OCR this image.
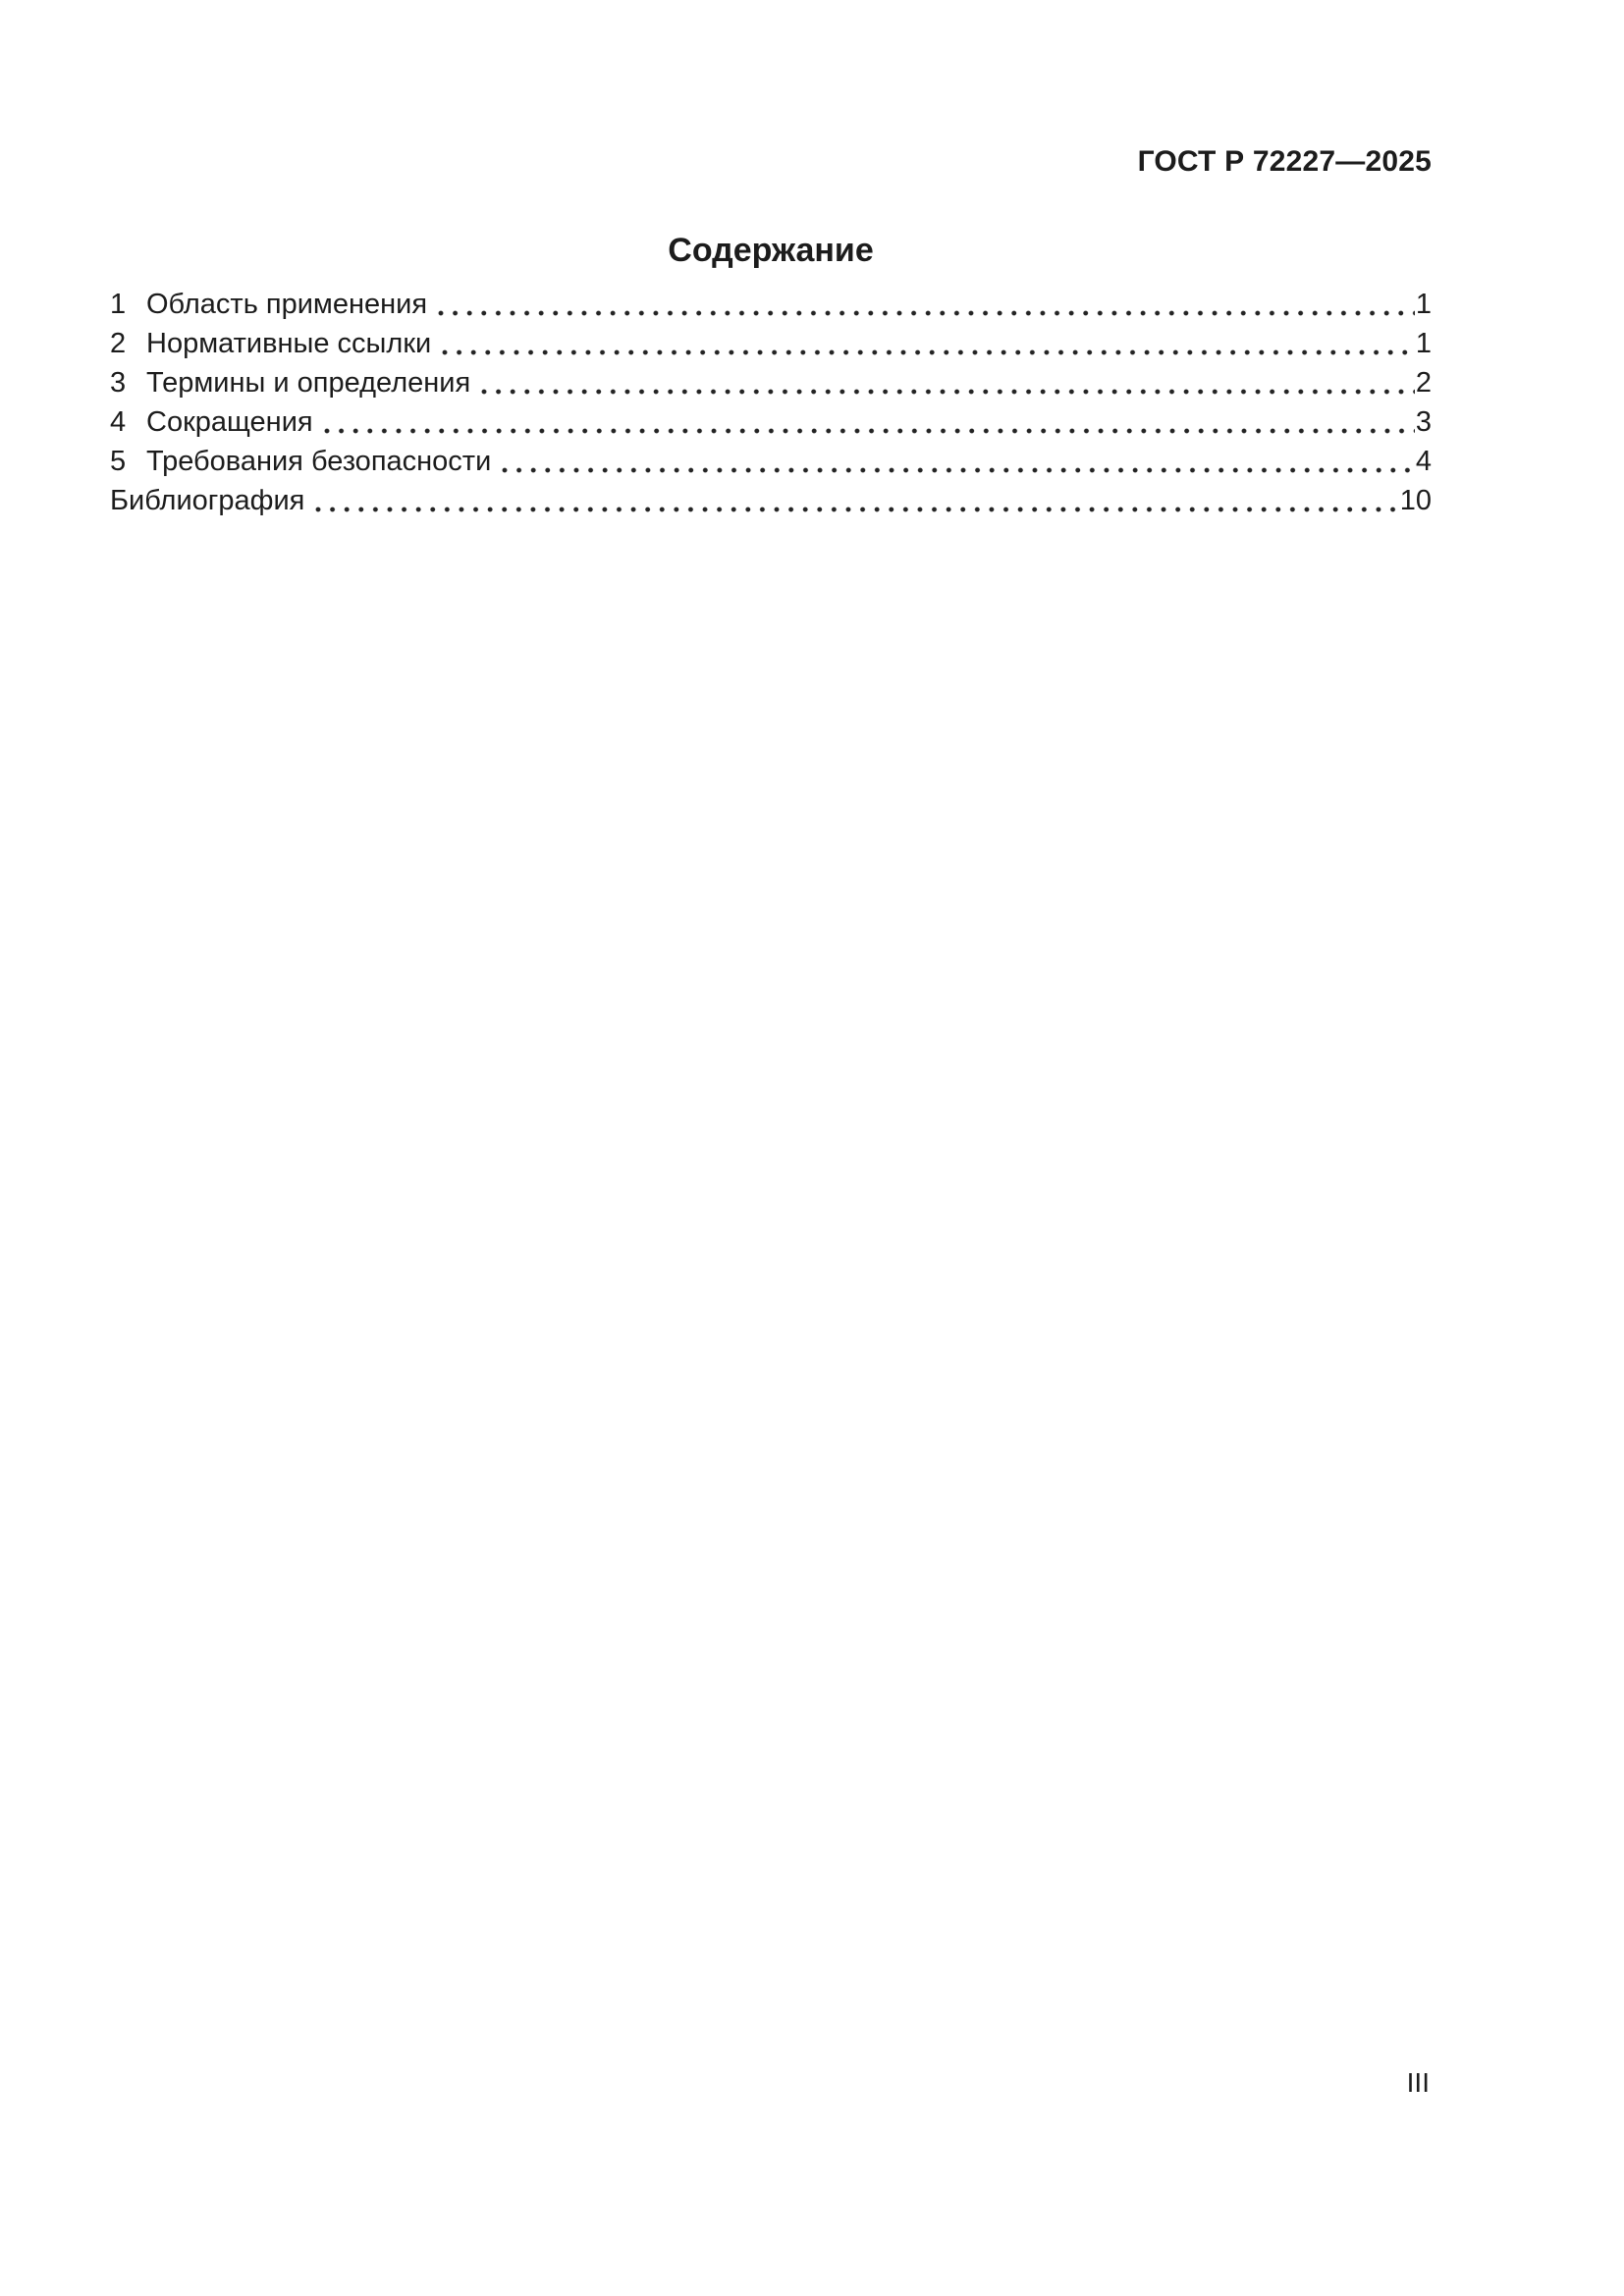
ГОСТ Р 72227—2025
Содержание
1 Область применения	1
2 Нормативные ссылки	1
3 Термины и определения	2
4 Сокращения	3
5 Требования безопасности	4
Библиография	10
III
